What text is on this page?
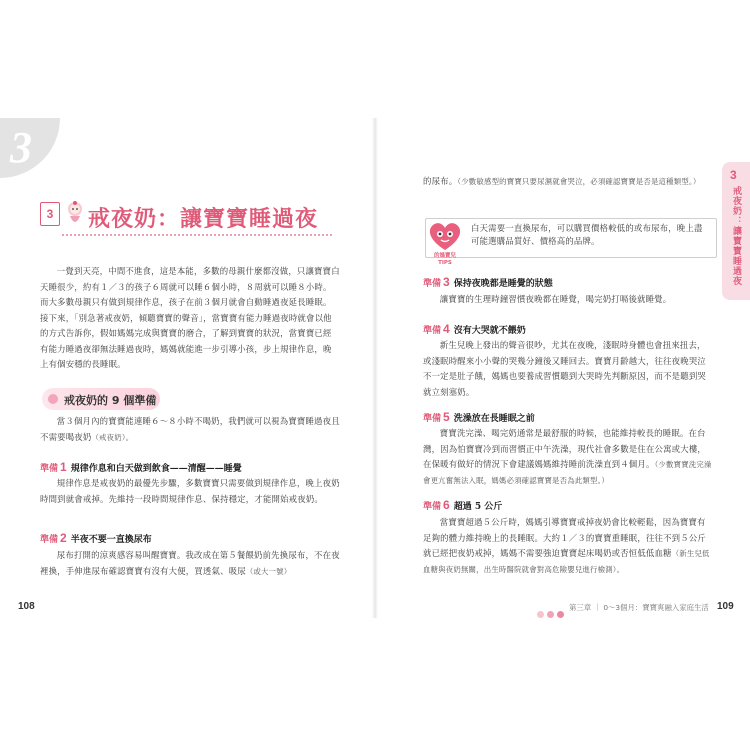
3
3	戒夜奶：讓寶寶睡過夜

一覺到天亮，中間不進食，這是本能，多數的母親什麼都沒做，只讓寶寶白天睡很少，約有１／３的孩子６周就可以睡６個小時，８周就可以睡８小時。而大多數母親只有做到規律作息，孩子在前３個月就會自動睡過夜延長睡眠。接下來，「別急著戒夜奶，傾聽寶寶的聲音」，當寶寶有能力睡過夜時就會以他的方式告訴你，假如媽媽完成與寶寶的磨合，了解到寶寶的狀況，當寶寶已經有能力睡過夜卻無法睡過夜時，媽媽就能進一步引導小孩，步上規律作息，晚上有個安穩的長睡眠。

戒夜奶的 9 個準備

當３個月內的寶寶能連睡６～８小時不喝奶，我們就可以視為寶寶睡過夜且不需要喝夜奶（戒夜奶）。

準備 1 規律作息和白天做到飲食——清醒——睡覺

規律作息是戒夜奶的最優先步驟，多數寶寶只需要做到規律作息，晚上夜奶時間到就會戒掉。先維持一段時間規律作息、保持穩定，才能開始戒夜奶。

準備 2 半夜不要一直換尿布

尿布打開的涼爽感容易叫醒寶寶。我改成在第５餐餵奶前先換尿布，不在夜裡換，手伸進尿布確認寶寶有沒有大便，買透氣、吸尿（或大一號）

108

的尿布。（少數敏感型的寶寶只要尿濕就會哭泣，必須確認寶寶是否是這種類型。）	3
戒夜奶：讓寶寶睡過夜
的媽寶兒
TIPS

白天需要一直換尿布，可以購買價格較低的或布尿布，晚上盡可能選購品質好、價格高的品牌。

準備 3 保持夜晚都是睡覺的狀態

讓寶寶的生理時鐘習慣夜晚都在睡覺，喝完奶打嗝後就睡覺。

準備 4 沒有大哭就不餵奶

新生兒晚上發出的聲音很吵，尤其在夜晚，淺眠時身體也會扭來扭去，或淺眠時醒來小小聲的哭幾分鐘後又睡回去。寶寶月齡越大，往往夜晚哭泣不一定是肚子餓，媽媽也要養成習慣聽到大哭時先判斷原因，而不是聽到哭就立刻塞奶。

準備 5 洗澡放在長睡眠之前

寶寶洗完澡、喝完奶通常是最舒服的時候，也能維持較長的睡眠。在台灣，因為怕寶寶冷到而習慣正中午洗澡，現代社會多數是住在公寓或大樓，在保暖有做好的情況下會建議媽媽維持睡前洗澡直到４個月。（少數寶寶洗完澡會更亢奮無法入眠，媽媽必須確認寶寶是否為此類型。）

準備 6 超過 5 公斤

當寶寶超過５公斤時，媽媽引導寶寶戒掉夜奶會比較輕鬆，因為寶寶有足夠的體力維持晚上的長睡眠。大約１／３的寶寶重睡眠，往往不到５公斤就已經把夜奶戒掉，媽媽不需要強迫寶寶起床喝奶或否恒低低血糖（新生兒低血糖與夜奶無關，出生時醫院就會對高危險嬰兒進行檢測）。

第三章 ｜ 0～3個月：寶寶爽融入家庭生活 109
